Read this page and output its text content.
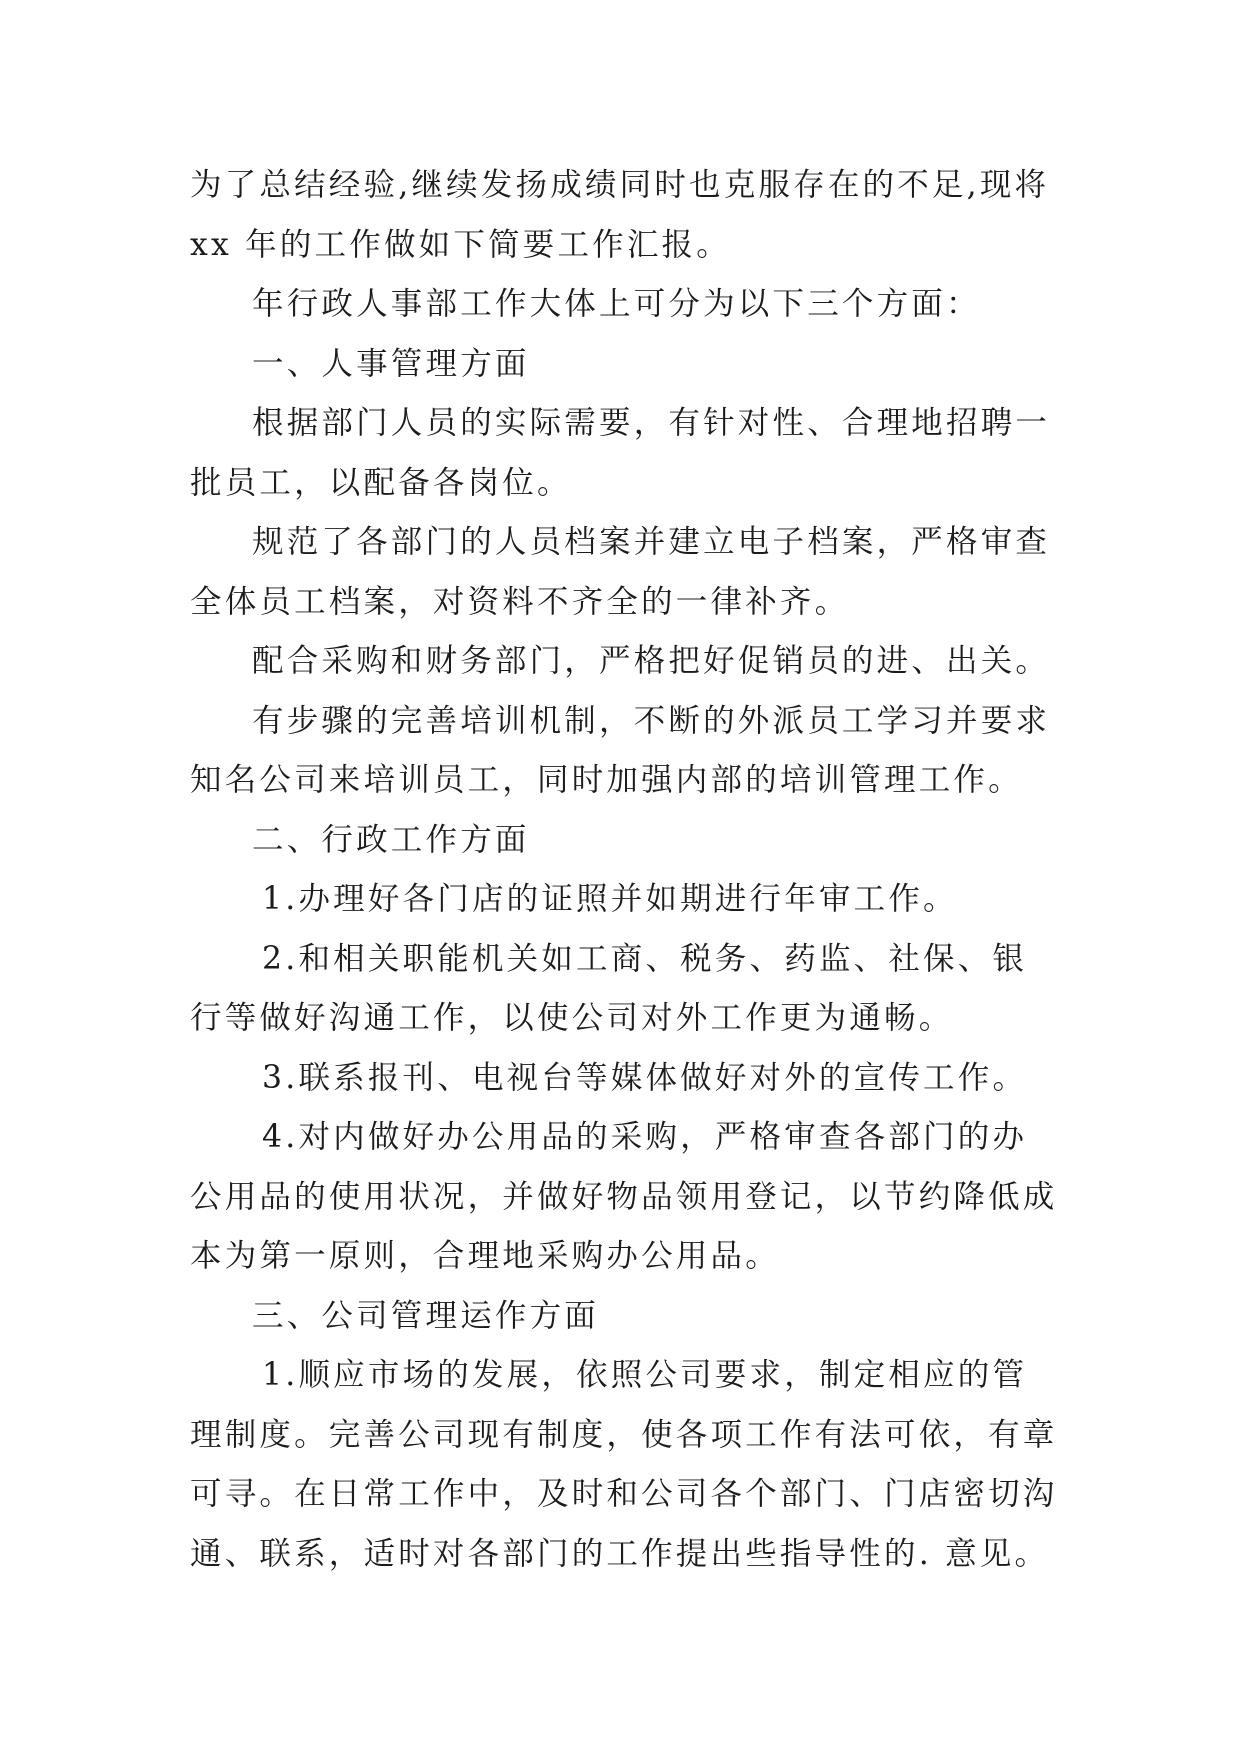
为了总结经验,继续发扬成绩同时也克服存在的不足,现将 xx 年的工作做如下简要工作汇报。

年行政人事部工作大体上可分为以下三个方面：

一、人事管理方面

根据部门人员的实际需要，有针对性、合理地招聘一批员工，以配备各岗位。

规范了各部门的人员档案并建立电子档案，严格审查全体员工档案，对资料不齐全的一律补齐。

配合采购和财务部门，严格把好促销员的进、出关。

有步骤的完善培训机制，不断的外派员工学习并要求知名公司来培训员工，同时加强内部的培训管理工作。

二、行政工作方面

1.办理好各门店的证照并如期进行年审工作。

2.和相关职能机关如工商、税务、药监、社保、银行等做好沟通工作，以使公司对外工作更为通畅。

3.联系报刊、电视台等媒体做好对外的宣传工作。

4.对内做好办公用品的采购，严格审查各部门的办公用品的使用状况，并做好物品领用登记，以节约降低成本为第一原则，合理地采购办公用品。

三、公司管理运作方面

1.顺应市场的发展，依照公司要求，制定相应的管理制度。完善公司现有制度，使各项工作有法可依，有章可寻。在日常工作中，及时和公司各个部门、门店密切沟通、联系，适时对各部门的工作提出些指导性的. 意见。
